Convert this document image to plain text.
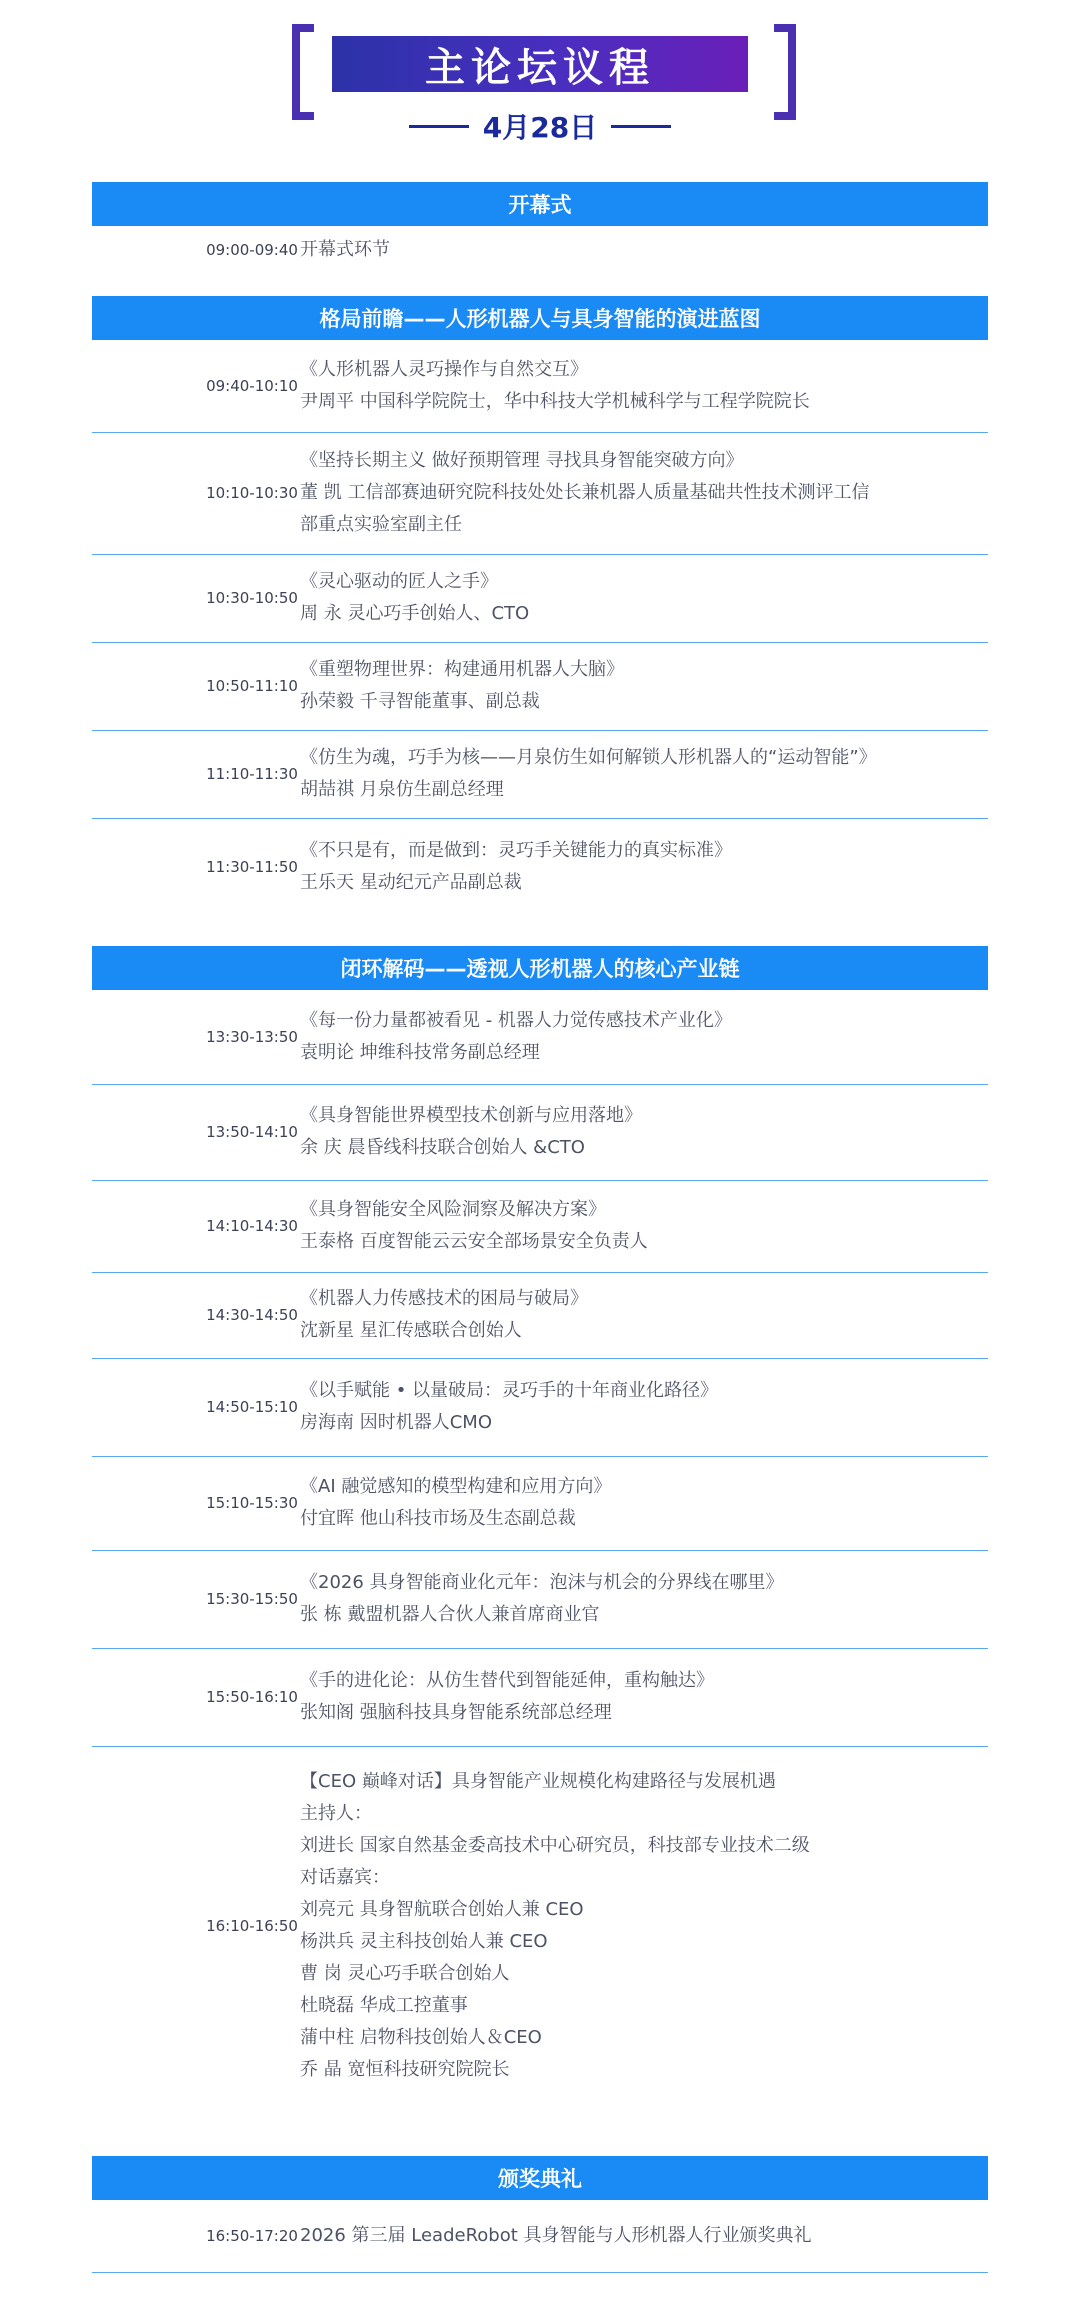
主论坛议程
4月28日
开幕式
09:00-09:40 开幕式环节
格局前瞻——人形机器人与具身智能的演进蓝图
09:40-10:10
《人形机器人灵巧操作与自然交互》
尹周平 中国科学院院士，华中科技大学机械科学与工程学院院长
10:10-10:30
《坚持长期主义 做好预期管理 寻找具身智能突破方向》
董 凯 工信部赛迪研究院科技处处长兼机器人质量基础共性技术测评工信
部重点实验室副主任
10:30-10:50
《灵心驱动的匠人之手》
周 永 灵心巧手创始人、CTO
10:50-11:10
《重塑物理世界：构建通用机器人大脑》
孙荣毅 千寻智能董事、副总裁
11:10-11:30
《仿生为魂，巧手为核——月泉仿生如何解锁人形机器人的“运动智能”》
胡喆祺 月泉仿生副总经理
11:30-11:50
《不只是有，而是做到：灵巧手关键能力的真实标准》
王乐天 星动纪元产品副总裁
闭环解码——透视人形机器人的核心产业链
13:30-13:50
《每一份力量都被看见 - 机器人力觉传感技术产业化》
袁明论 坤维科技常务副总经理
13:50-14:10
《具身智能世界模型技术创新与应用落地》
余 庆 晨昏线科技联合创始人 &CTO
14:10-14:30
《具身智能安全风险洞察及解决方案》
王泰格 百度智能云云安全部场景安全负责人
14:30-14:50
《机器人力传感技术的困局与破局》
沈新星 星汇传感联合创始人
14:50-15:10
《以手赋能 • 以量破局：灵巧手的十年商业化路径》
房海南 因时机器人CMO
15:10-15:30
《AI 融觉感知的模型构建和应用方向》
付宜晖 他山科技市场及生态副总裁
15:30-15:50
《2026 具身智能商业化元年：泡沫与机会的分界线在哪里》
张 栋 戴盟机器人合伙人兼首席商业官
15:50-16:10
《手的进化论：从仿生替代到智能延伸，重构触达》
张知阁 强脑科技具身智能系统部总经理
16:10-16:50
【CEO 巅峰对话】具身智能产业规模化构建路径与发展机遇
主持人：
刘进长 国家自然基金委高技术中心研究员，科技部专业技术二级
对话嘉宾：
刘亮元 具身智航联合创始人兼 CEO
杨洪兵 灵主科技创始人兼 CEO
曹 岗 灵心巧手联合创始人
杜晓磊 华成工控董事
蒲中柱 启物科技创始人＆CEO
乔 晶 宽恒科技研究院院长
颁奖典礼
16:50-17:20 2026 第三届 LeadeRobot 具身智能与人形机器人行业颁奖典礼
